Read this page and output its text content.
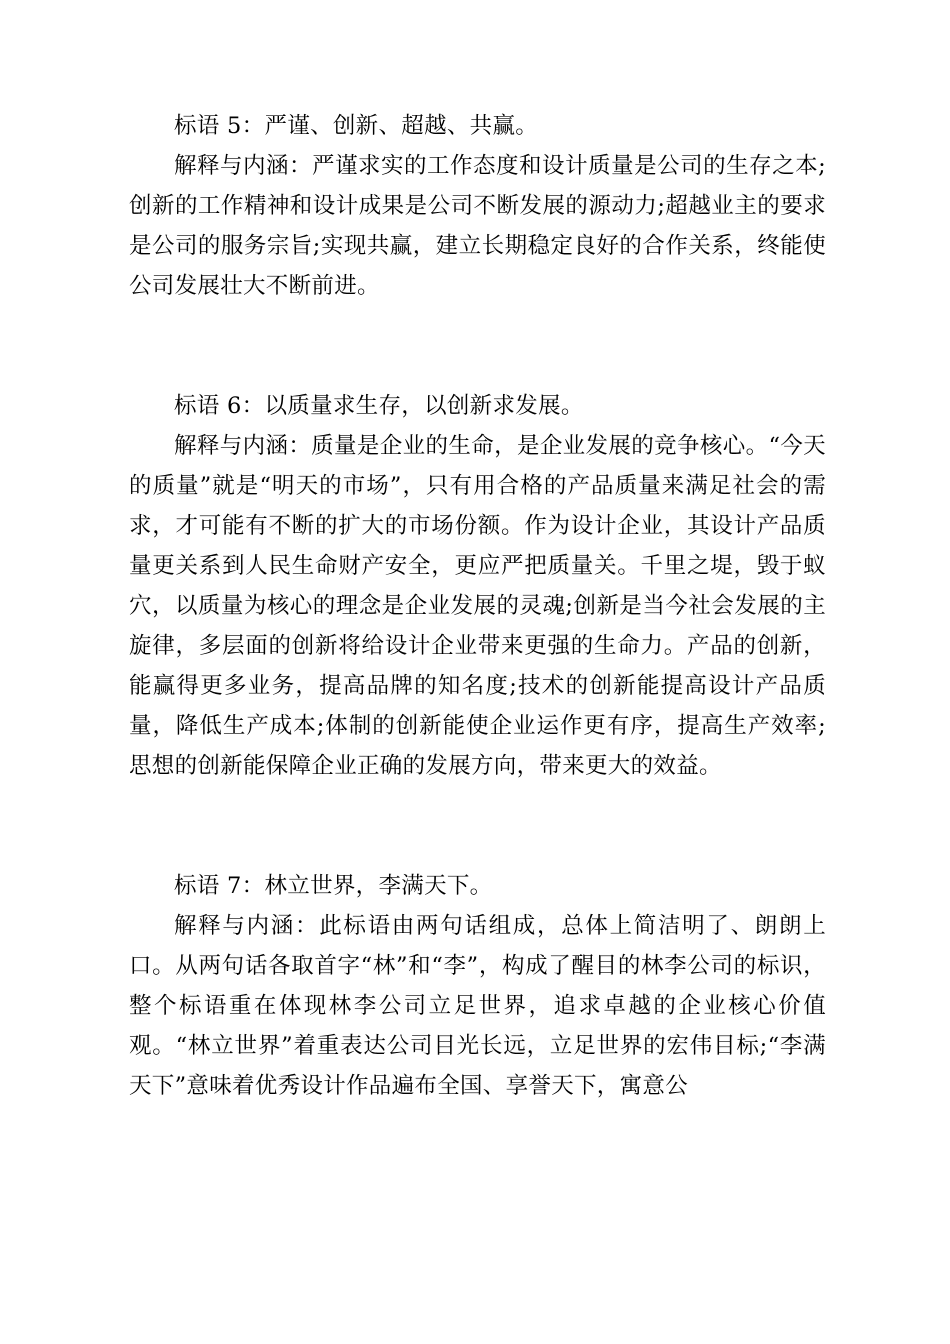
标语 5：严谨、创新、超越、共赢。

解释与内涵：严谨求实的工作态度和设计质量是公司的生存之本;创新的工作精神和设计成果是公司不断发展的源动力;超越业主的要求是公司的服务宗旨;实现共赢，建立长期稳定良好的合作关系，终能使公司发展壮大不断前进。

标语 6：以质量求生存，以创新求发展。

解释与内涵：质量是企业的生命，是企业发展的竞争核心。“今天的质量”就是“明天的市场”，只有用合格的产品质量来满足社会的需求，才可能有不断的扩大的市场份额。作为设计企业，其设计产品质量更关系到人民生命财产安全，更应严把质量关。千里之堤，毁于蚁穴，以质量为核心的理念是企业发展的灵魂;创新是当今社会发展的主旋律，多层面的创新将给设计企业带来更强的生命力。产品的创新，能赢得更多业务，提高品牌的知名度;技术的创新能提高设计产品质量，降低生产成本;体制的创新能使企业运作更有序，提高生产效率;思想的创新能保障企业正确的发展方向，带来更大的效益。

标语 7：林立世界，李满天下。

解释与内涵：此标语由两句话组成，总体上简洁明了、朗朗上口。从两句话各取首字“林”和“李”，构成了醒目的林李公司的标识，整个标语重在体现林李公司立足世界，追求卓越的企业核心价值观。“林立世界”着重表达公司目光长远，立足世界的宏伟目标;“李满天下”意味着优秀设计作品遍布全国、享誉天下，寓意公
